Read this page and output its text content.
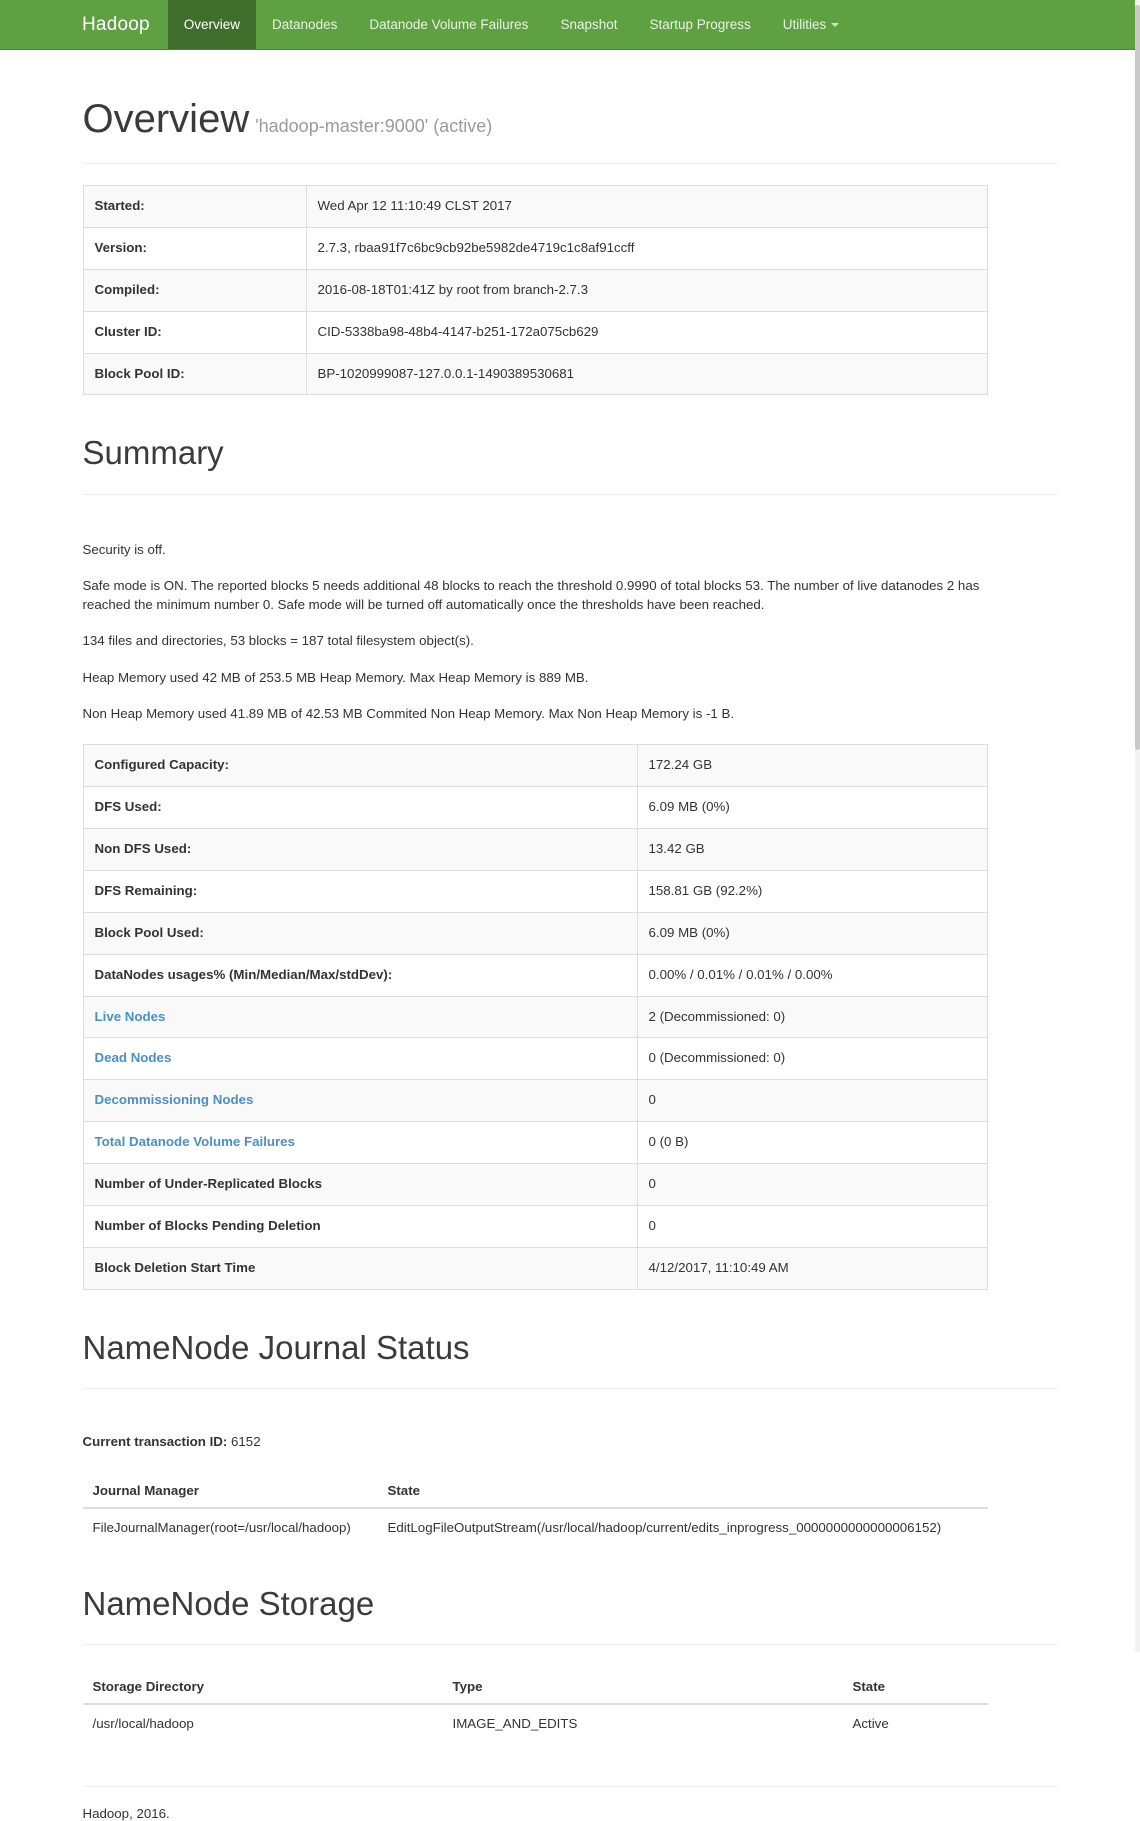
Hadoop	Overview	Datanodes	Datanode Volume Failures	Snapshot	Startup Progress	Utilities
Overview 'hadoop-master:9000' (active)
Started:	Wed Apr 12 11:10:49 CLST 2017
Version:	2.7.3, rbaa91f7c6bc9cb92be5982de4719c1c8af91ccff
Compiled:	2016-08-18T01:41Z by root from branch-2.7.3
Cluster ID:	CID-5338ba98-48b4-4147-b251-172a075cb629
Block Pool ID:	BP-1020999087-127.0.0.1-1490389530681
Summary

Security is off.

Safe mode is ON. The reported blocks 5 needs additional 48 blocks to reach the threshold 0.9990 of total blocks 53. The number of live datanodes 2 has reached the minimum number 0. Safe mode will be turned off automatically once the thresholds have been reached.

134 files and directories, 53 blocks = 187 total filesystem object(s).

Heap Memory used 42 MB of 253.5 MB Heap Memory. Max Heap Memory is 889 MB.

Non Heap Memory used 41.89 MB of 42.53 MB Commited Non Heap Memory. Max Non Heap Memory is -1 B.

Configured Capacity:	172.24 GB
DFS Used:	6.09 MB (0%)
Non DFS Used:	13.42 GB
DFS Remaining:	158.81 GB (92.2%)
Block Pool Used:	6.09 MB (0%)
DataNodes usages% (Min/Median/Max/stdDev):	0.00% / 0.01% / 0.01% / 0.00%
Live Nodes	2 (Decommissioned: 0)
Dead Nodes	0 (Decommissioned: 0)
Decommissioning Nodes	0
Total Datanode Volume Failures	0 (0 B)
Number of Under-Replicated Blocks	0
Number of Blocks Pending Deletion	0
Block Deletion Start Time	4/12/2017, 11:10:49 AM
NameNode Journal Status
Current transaction ID: 6152
Journal Manager	State
FileJournalManager(root=/usr/local/hadoop)	EditLogFileOutputStream(/usr/local/hadoop/current/edits_inprogress_0000000000000006152)
NameNode Storage
Storage Directory	Type	State
/usr/local/hadoop	IMAGE_AND_EDITS	Active
Hadoop, 2016.
